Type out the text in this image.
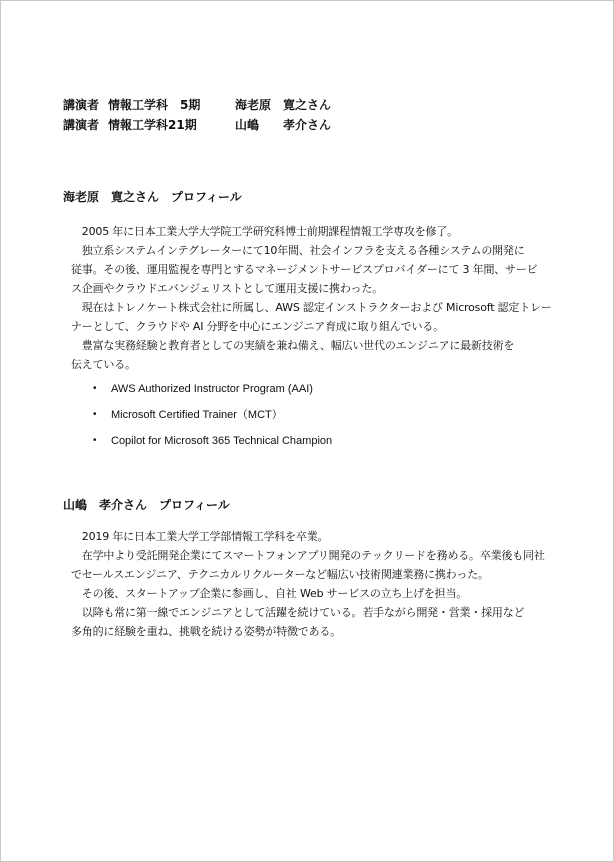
講演者 情報工学科　5期	海老原　寛之さん
講演者 情報工学科21期	山嶋　　孝介さん
海老原　寛之さん　プロフィール
　2005 年に日本工業大学大学院工学研究科博士前期課程情報工学専攻を修了。
　独立系システムインテグレーターにて10年間、社会インフラを支える各種システムの開発に
従事。その後、運用監視を専門とするマネージメントサービスプロバイダーにて 3 年間、サービ
ス企画やクラウドエバンジェリストとして運用支援に携わった。
　現在はトレノケート株式会社に所属し、AWS 認定インストラクターおよび Microsoft 認定トレー
ナーとして、クラウドや AI 分野を中心にエンジニア育成に取り組んでいる。
　豊富な実務経験と教育者としての実績を兼ね備え、幅広い世代のエンジニアに最新技術を
伝えている。
• AWS Authorized Instructor Program (AAI)
• Microsoft Certified Trainer（MCT）
• Copilot for Microsoft 365 Technical Champion
山嶋　孝介さん　プロフィール
　2019 年に日本工業大学工学部情報工学科を卒業。
　在学中より受託開発企業にてスマートフォンアプリ開発のテックリードを務める。卒業後も同社
でセールスエンジニア、テクニカルリクルーターなど幅広い技術関連業務に携わった。
　その後、スタートアップ企業に参画し、自社 Web サービスの立ち上げを担当。
　以降も常に第一線でエンジニアとして活躍を続けている。若手ながら開発・営業・採用など
多角的に経験を重ね、挑戦を続ける姿勢が特徴である。
